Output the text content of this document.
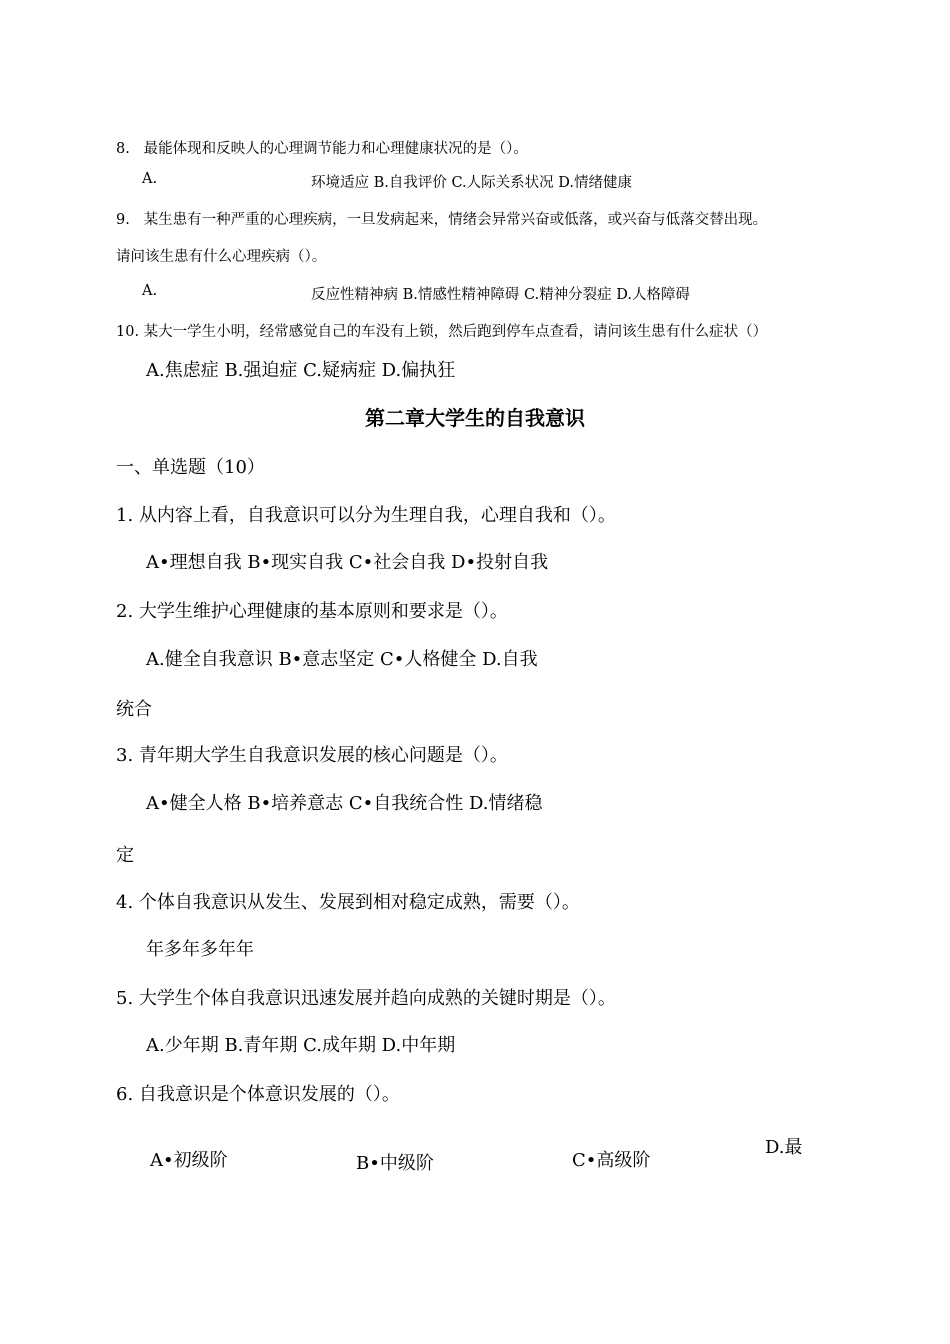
8. 最能体现和反映人的心理调节能力和心理健康状况的是（）。
A.	环境适应 B.自我评价 C.人际关系状况 D.情绪健康
9. 某生患有一种严重的心理疾病，一旦发病起来，情绪会异常兴奋或低落，或兴奋与低落交替出现。
请问该生患有什么心理疾病（）。
A.	反应性精神病 B.情感性精神障碍 C.精神分裂症 D.人格障碍
10. 某大一学生小明，经常感觉自己的车没有上锁，然后跑到停车点查看，请问该生患有什么症状（）
A.焦虑症 B.强迫症 C.疑病症 D.偏执狂
第二章大学生的自我意识
一、单选题（10）
1. 从内容上看，自我意识可以分为生理自我，心理自我和（）。
A•理想自我 B•现实自我 C•社会自我 D•投射自我
2. 大学生维护心理健康的基本原则和要求是（）。
A.健全自我意识 B•意志坚定 C•人格健全 D.自我
统合
3. 青年期大学生自我意识发展的核心问题是（）。
A•健全人格 B•培养意志 C•自我统合性 D.情绪稳
定
4. 个体自我意识从发生、发展到相对稳定成熟，需要（）。
年多年多年年
5. 大学生个体自我意识迅速发展并趋向成熟的关键时期是（）。
A.少年期 B.青年期 C.成年期 D.中年期
6. 自我意识是个体意识发展的（）。
A•初级阶	B•中级阶	C•高级阶
D.最
